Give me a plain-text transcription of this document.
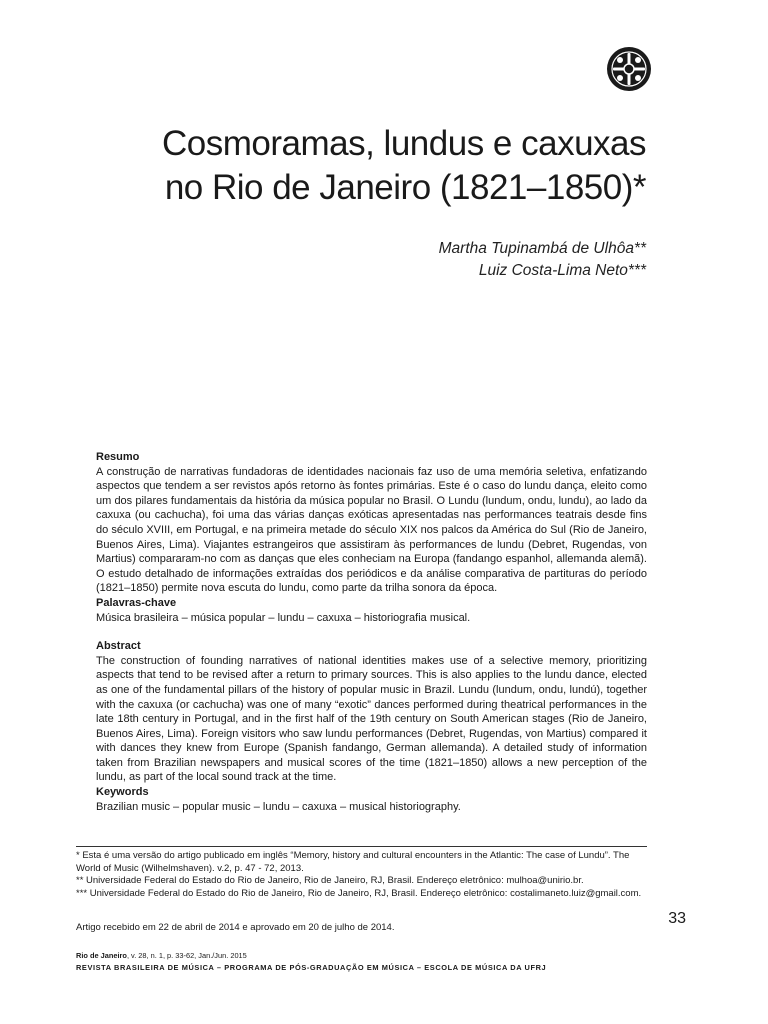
Cosmoramas, lundus e caxuxas
no Rio de Janeiro (1821–1850)*
Martha Tupinambá de Ulhôa**
Luiz Costa-Lima Neto***
Resumo
A construção de narrativas fundadoras de identidades nacionais faz uso de uma memória seletiva, enfatizando aspectos que tendem a ser revistos após retorno às fontes primárias. Este é o caso do lundu dança, eleito como um dos pilares fundamentais da história da música popular no Brasil. O Lundu (lundum, ondu, lundu), ao lado da caxuxa (ou cachucha), foi uma das várias danças exóticas apresentadas nas performances teatrais desde fins do século XVIII, em Portugal, e na primeira metade do século XIX nos palcos da América do Sul (Rio de Janeiro, Buenos Aires, Lima). Viajantes estrangeiros que assistiram às performances de lundu (Debret, Rugendas, von Martius) compararam-no com as danças que eles conheciam na Europa (fandango espanhol, allemanda alemã). O estudo detalhado de informações extraídas dos periódicos e da análise comparativa de partituras do período (1821–1850) permite nova escuta do lundu, como parte da trilha sonora da época.
Palavras-chave
Música brasileira – música popular – lundu – caxuxa – historiografia musical.
Abstract
The construction of founding narratives of national identities makes use of a selective memory, prioritizing aspects that tend to be revised after a return to primary sources. This is also applies to the lundu dance, elected as one of the fundamental pillars of the history of popular music in Brazil. Lundu (lundum, ondu, lundú), together with the caxuxa (or cachucha) was one of many “exotic” dances performed during theatrical performances in the late 18th century in Portugal, and in the first half of the 19th century on South American stages (Rio de Janeiro, Buenos Aires, Lima). Foreign visitors who saw lundu performances (Debret, Rugendas, von Martius) compared it with dances they knew from Europe (Spanish fandango, German allemanda). A detailed study of information taken from Brazilian newspapers and musical scores of the time (1821–1850) allows a new perception of the lundu, as part of the local sound track at the time.
Keywords
Brazilian music – popular music – lundu – caxuxa – musical historiography.
* Esta é uma versão do artigo publicado em inglês “Memory, history and cultural encounters in the Atlantic: The case of Lundu”. The World of Music (Wilhelmshaven). v.2, p. 47 - 72, 2013.
** Universidade Federal do Estado do Rio de Janeiro, Rio de Janeiro, RJ, Brasil. Endereço eletrônico: mulhoa@unirio.br.
*** Universidade Federal do Estado do Rio de Janeiro, Rio de Janeiro, RJ, Brasil. Endereço eletrônico: costalimaneto.luiz@gmail.com.
Artigo recebido em 22 de abril de 2014 e aprovado em 20 de julho de 2014.
33
Rio de Janeiro, v. 28, n. 1, p. 33-62, Jan./Jun. 2015
REVISTA BRASILEIRA DE MÚSICA – PROGRAMA DE PÓS-GRADUAÇÃO EM MÚSICA – ESCOLA DE MÚSICA DA UFRJ
